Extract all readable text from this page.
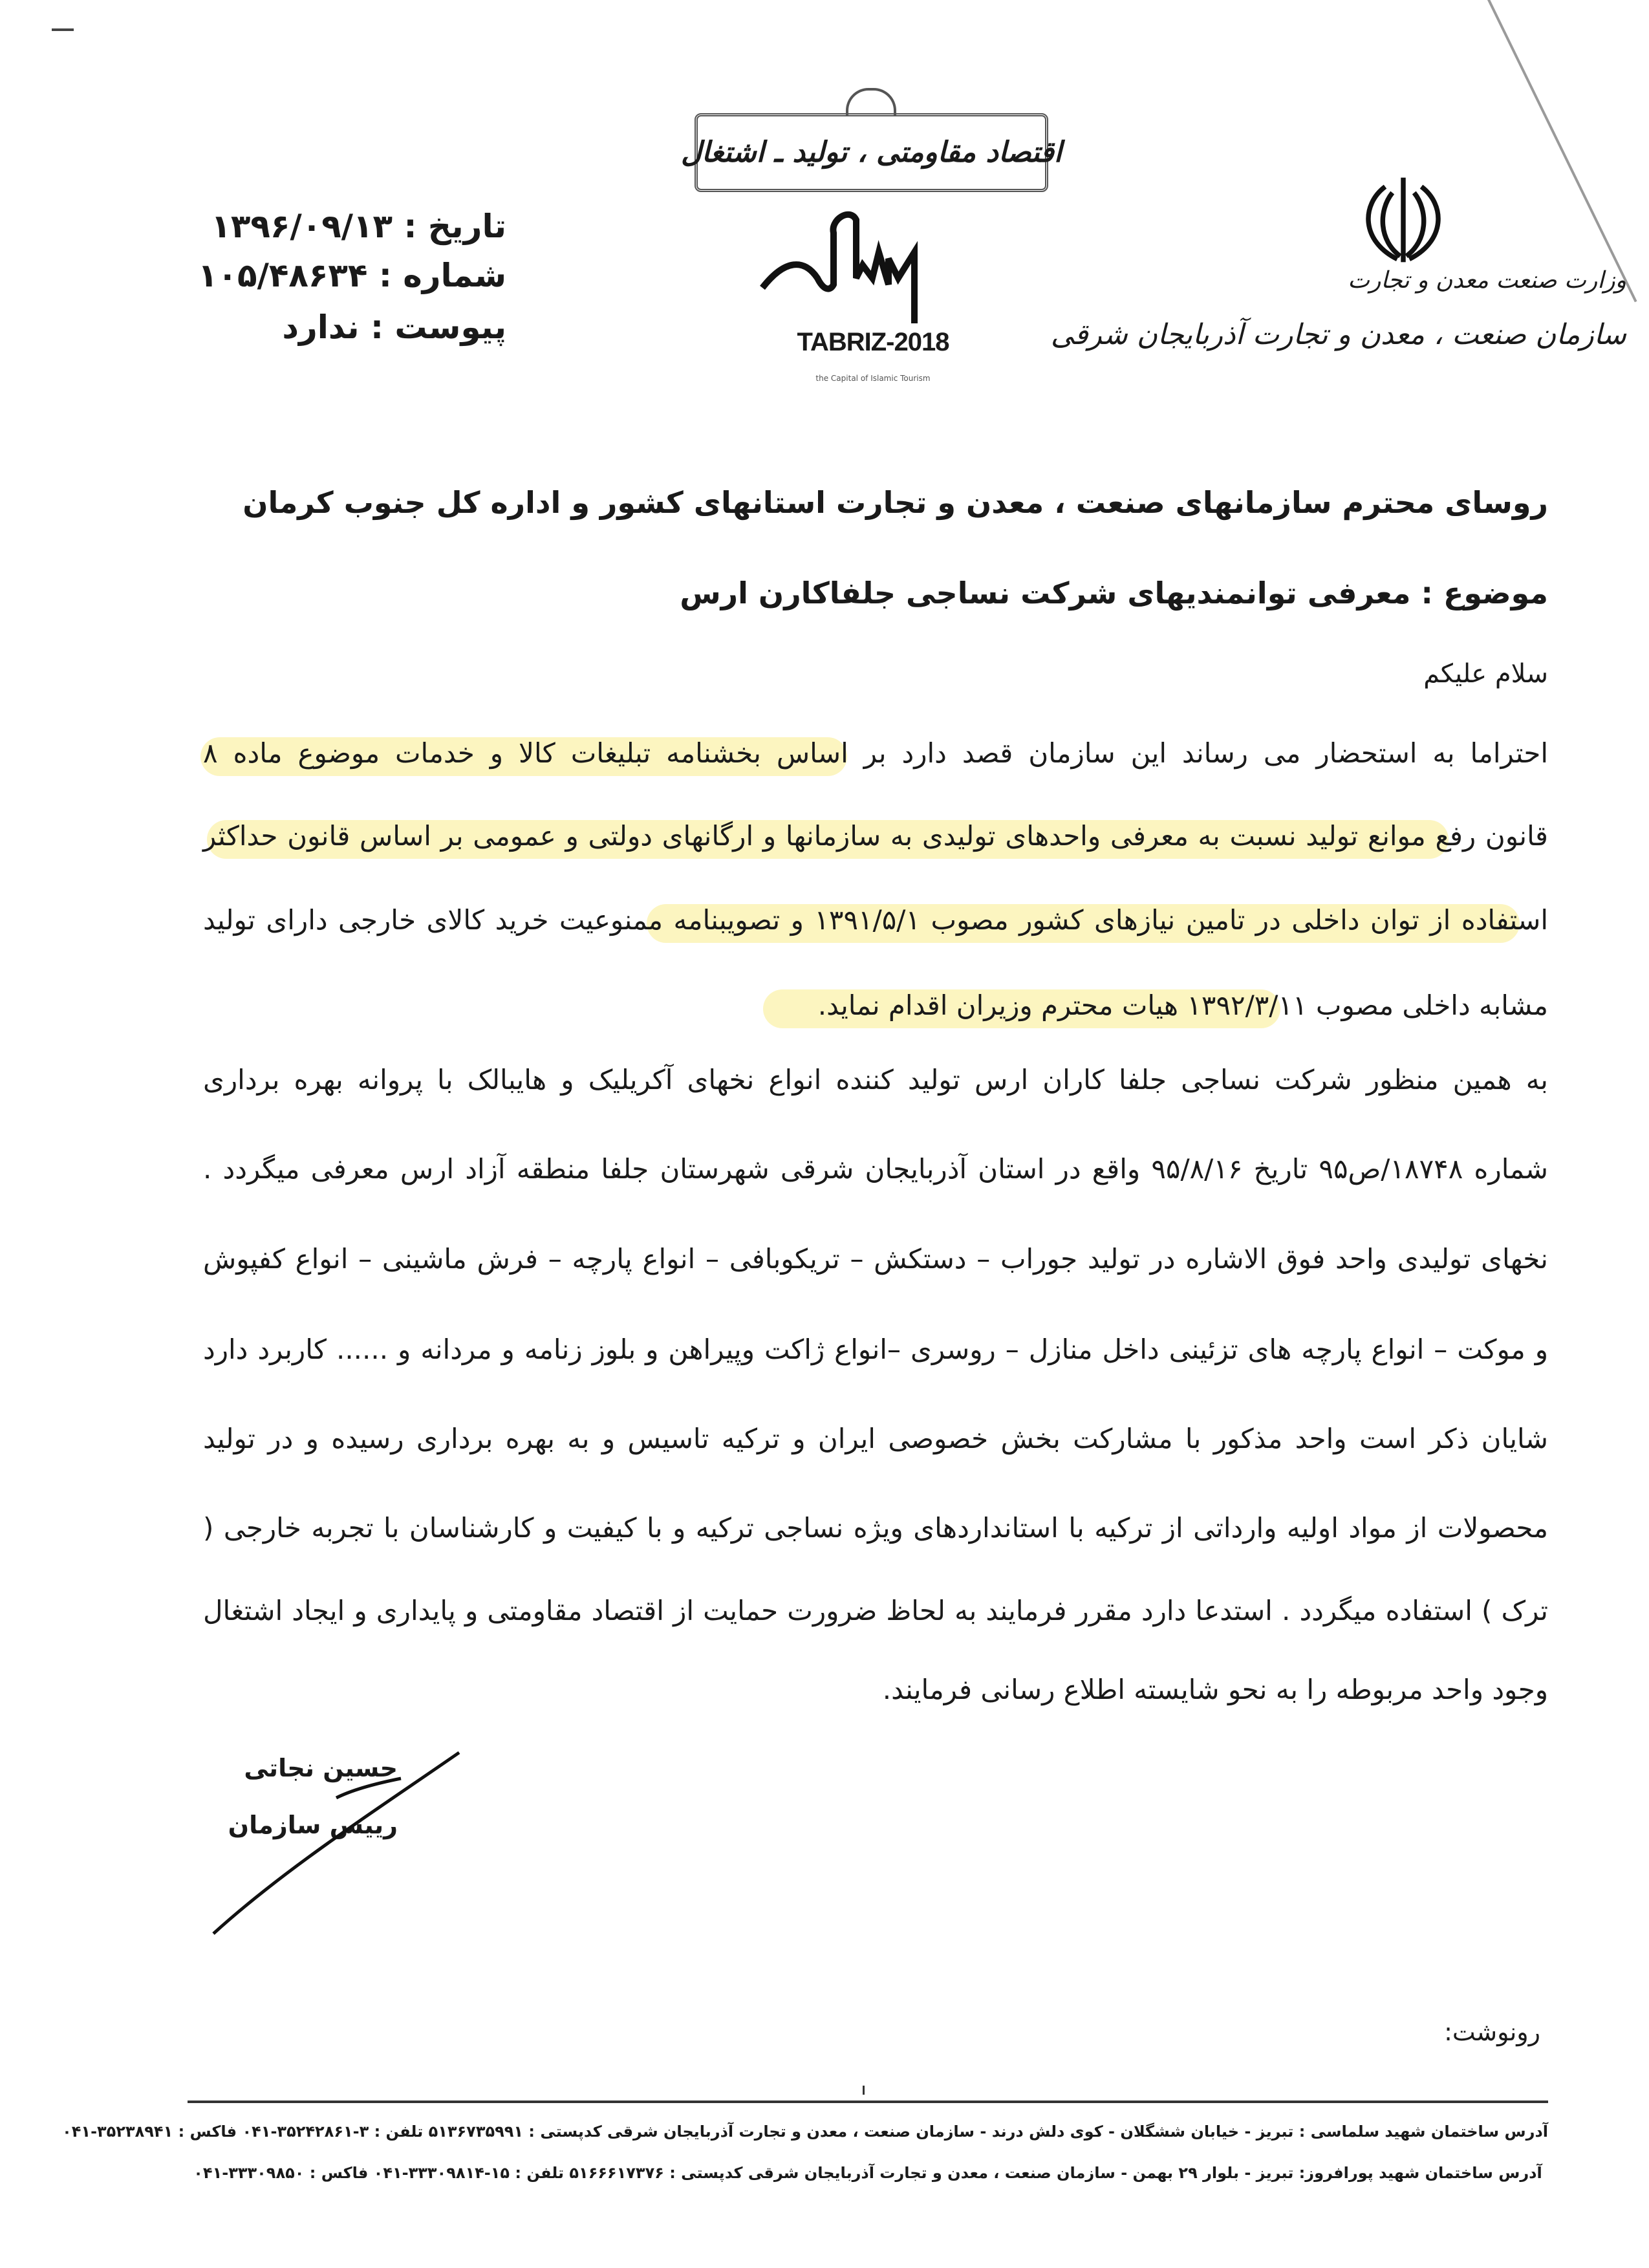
اقتصاد مقاومتی ، تولید ـ اشتغال
وزارت صنعت معدن و تجارت
سازمان صنعت ، معدن و تجارت آذربایجان شرقی
TABRIZ-2018
the Capital of Islamic Tourism
تاریخ : ۱۳۹۶/۰۹/۱۳
شماره : ۱۰۵/۴۸۶۳۴
پیوست : ندارد
روسای محترم سازمانهای صنعت ، معدن و تجارت استانهای کشور و اداره کل جنوب کرمان
موضوع : معرفی توانمندیهای شرکت نساجی جلفاکارن ارس
سلام علیکم
احتراما به استحضار می رساند این سازمان قصد دارد بر اساس بخشنامه تبلیغات کالا و خدمات موضوع ماده ۸
قانون رفع موانع تولید نسبت به معرفی واحدهای تولیدی به سازمانها و ارگانهای دولتی و عمومی بر اساس قانون حداکثر
استفاده از توان داخلی در تامین نیازهای کشور مصوب ۱۳۹۱/۵/۱ و تصویبنامه ممنوعیت خرید کالای خارجی دارای تولید
مشابه داخلی مصوب ۱۳۹۲/۳/۱۱ هیات محترم وزیران اقدام نماید.
به همین منظور شرکت نساجی جلفا کاران ارس تولید کننده انواع نخهای آکریلیک و هایبالک با پروانه بهره برداری
شماره ۱۸۷۴۸/ص۹۵ تاریخ ۹۵/۸/۱۶ واقع در استان آذربایجان شرقی شهرستان جلفا منطقه آزاد ارس معرفی میگردد .
نخهای تولیدی واحد فوق الاشاره در تولید جوراب – دستکش – تریکوبافی – انواع پارچه – فرش ماشینی – انواع کفپوش
و موکت – انواع پارچه های تزئینی داخل منازل – روسری –انواع ژاکت وپیراهن و بلوز زنامه و مردانه و ...... کاربرد دارد
شایان ذکر است واحد مذکور با مشارکت بخش خصوصی ایران و ترکیه تاسیس و به بهره برداری رسیده و در تولید
محصولات از مواد اولیه وارداتی از ترکیه با استانداردهای ویژه نساجی ترکیه و با کیفیت و کارشناسان با تجربه خارجی (
ترک ) استفاده میگردد . استدعا دارد مقرر فرمایند به لحاظ ضرورت حمایت از اقتصاد مقاومتی و پایداری و ایجاد اشتغال
وجود واحد مربوطه را به نحو شایسته اطلاع رسانی فرمایند.
حسین نجاتی
رییس سازمان
رونوشت:
آدرس ساختمان شهید سلماسی : تبریز - خیابان ششگلان - کوی دلش درند - سازمان صنعت ، معدن و تجارت آذربایجان شرقی کدپستی : ۵۱۳۶۷۳۵۹۹۱ تلفن : ۳-۳۵۲۴۲۸۶۱-۰۴۱ فاکس : ۳۵۲۳۸۹۴۱-۰۴۱
آدرس ساختمان شهید پورافروز: تبریز - بلوار ۲۹ بهمن - سازمان صنعت ، معدن و تجارت آذربایجان شرقی کدپستی : ۵۱۶۶۶۱۷۳۷۶ تلفن : ۱۵-۳۳۳۰۹۸۱۴-۰۴۱ فاکس : ۳۳۳۰۹۸۵۰-۰۴۱
